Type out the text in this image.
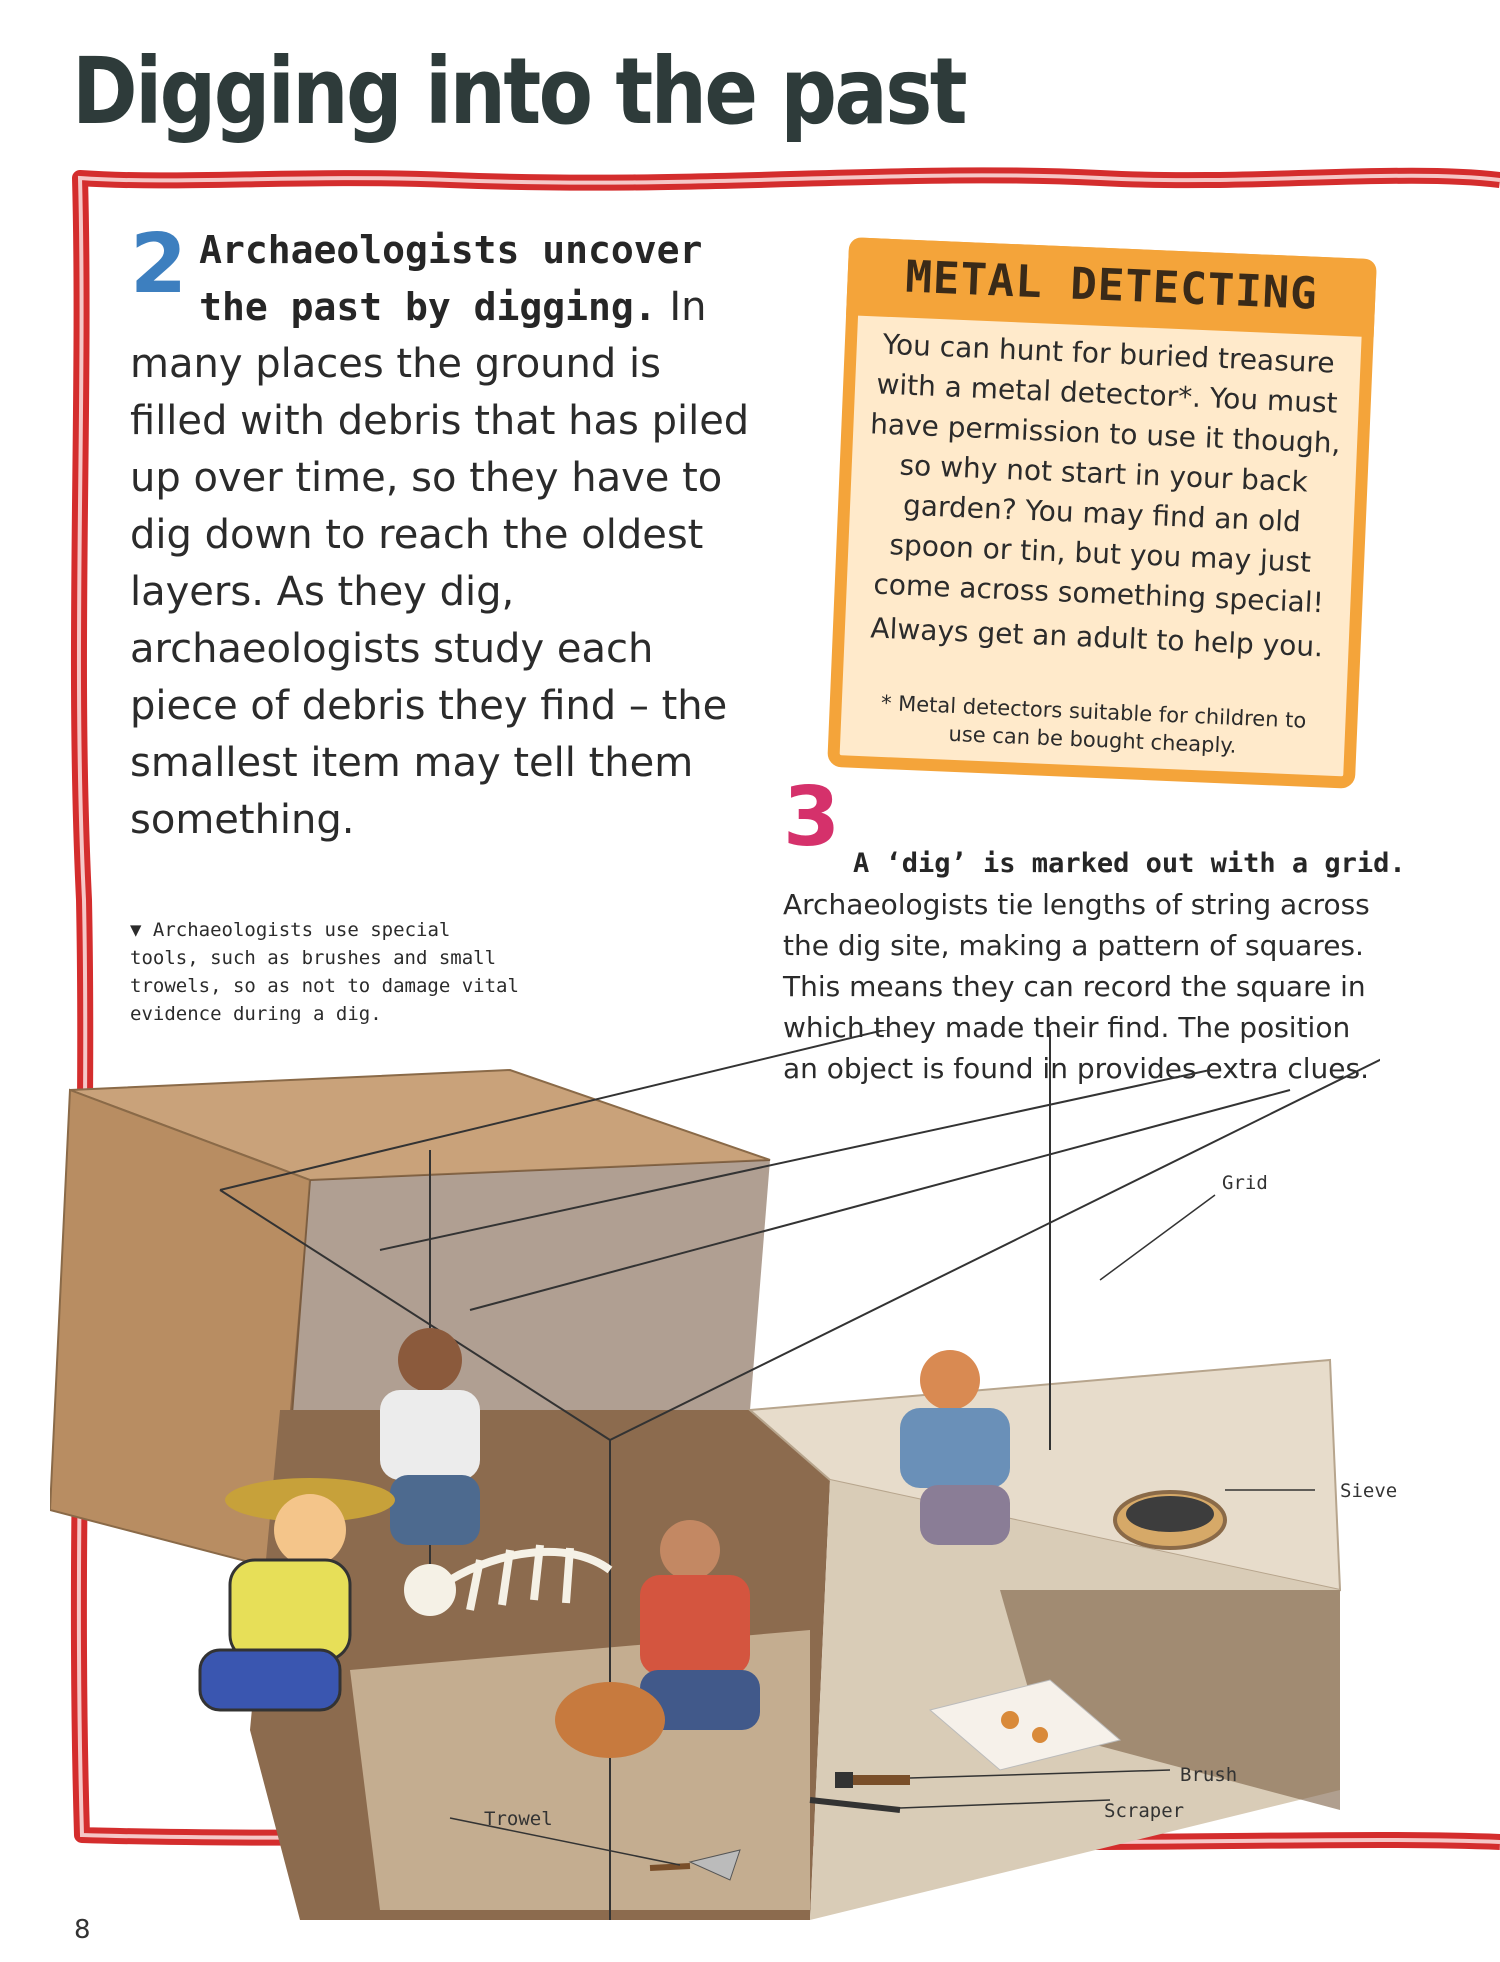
Digging into the past

2 Archaeologists uncover the past by digging. In many places the ground is filled with debris that has piled up over time, so they have to dig down to reach the oldest layers. As they dig, archaeologists study each piece of debris they find – the smallest item may tell them something.

METAL DETECTING

You can hunt for buried treasure with a metal detector*. You must have permission to use it though, so why not start in your back garden? You may find an old spoon or tin, but you may just come across something special!

Always get an adult to help you.

* Metal detectors suitable for children to use can be bought cheaply.
3 A ‘dig’ is marked out with a grid.

Archaeologists tie lengths of string across the dig site, making a pattern of squares. This means they can record the square in which they made their find. The position an object is found in provides extra clues.

▼ Archaeologists use special tools, such as brushes and small trowels, so as not to damage vital evidence during a dig.
Grid
Sieve
Brush
Scraper
Trowel
8
